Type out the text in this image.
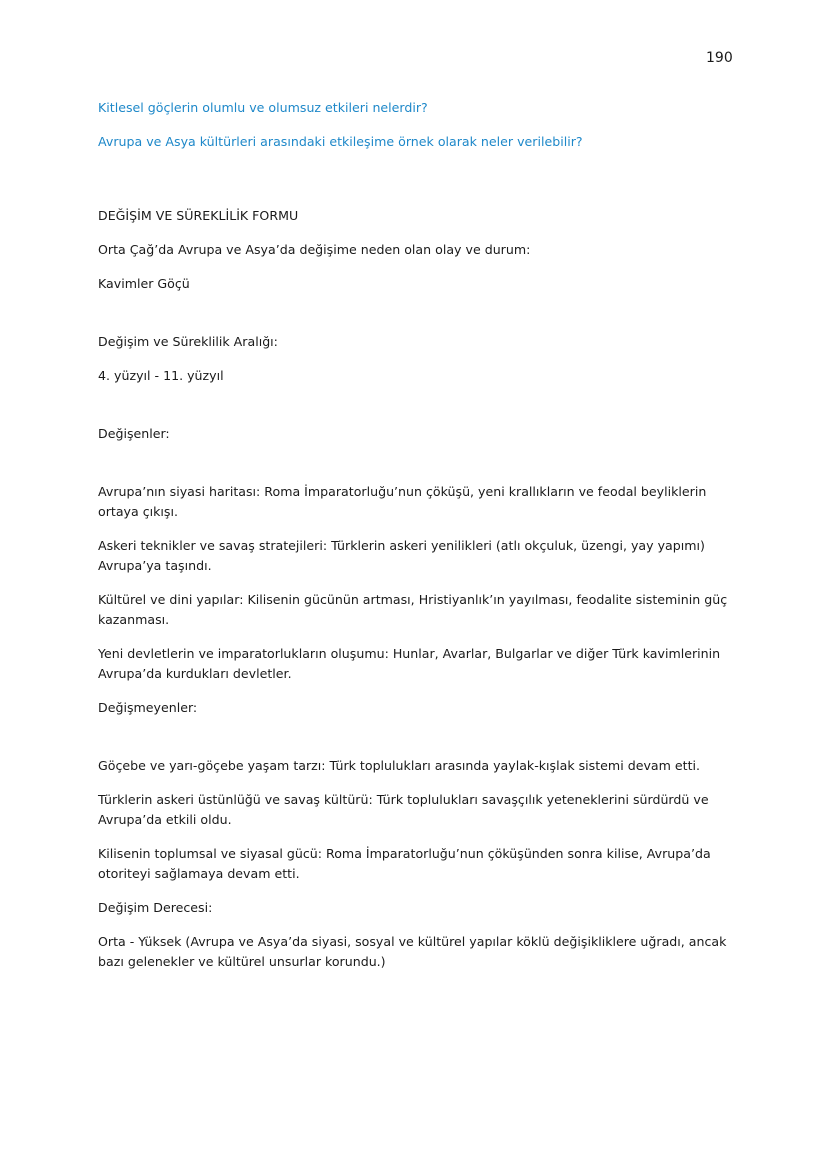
190

Kitlesel göçlerin olumlu ve olumsuz etkileri nelerdir?

Avrupa ve Asya kültürleri arasındaki etkileşime örnek olarak neler verilebilir?

DEĞİŞİM VE SÜREKLİLİK FORMU

Orta Çağ’da Avrupa ve Asya’da değişime neden olan olay ve durum:

Kavimler Göçü

Değişim ve Süreklilik Aralığı:

4. yüzyıl - 11. yüzyıl

Değişenler:

Avrupa’nın siyasi haritası: Roma İmparatorluğu’nun çöküşü, yeni krallıkların ve feodal beyliklerin ortaya çıkışı.

Askeri teknikler ve savaş stratejileri: Türklerin askeri yenilikleri (atlı okçuluk, üzengi, yay yapımı) Avrupa’ya taşındı.

Kültürel ve dini yapılar: Kilisenin gücünün artması, Hristiyanlık’ın yayılması, feodalite sisteminin güç kazanması.

Yeni devletlerin ve imparatorlukların oluşumu: Hunlar, Avarlar, Bulgarlar ve diğer Türk kavimlerinin Avrupa’da kurdukları devletler.

Değişmeyenler:

Göçebe ve yarı-göçebe yaşam tarzı: Türk toplulukları arasında yaylak-kışlak sistemi devam etti.

Türklerin askeri üstünlüğü ve savaş kültürü: Türk toplulukları savaşçılık yeteneklerini sürdürdü ve Avrupa’da etkili oldu.

Kilisenin toplumsal ve siyasal gücü: Roma İmparatorluğu’nun çöküşünden sonra kilise, Avrupa’da otoriteyi sağlamaya devam etti.

Değişim Derecesi:

Orta - Yüksek (Avrupa ve Asya’da siyasi, sosyal ve kültürel yapılar köklü değişikliklere uğradı, ancak bazı gelenekler ve kültürel unsurlar korundu.)
